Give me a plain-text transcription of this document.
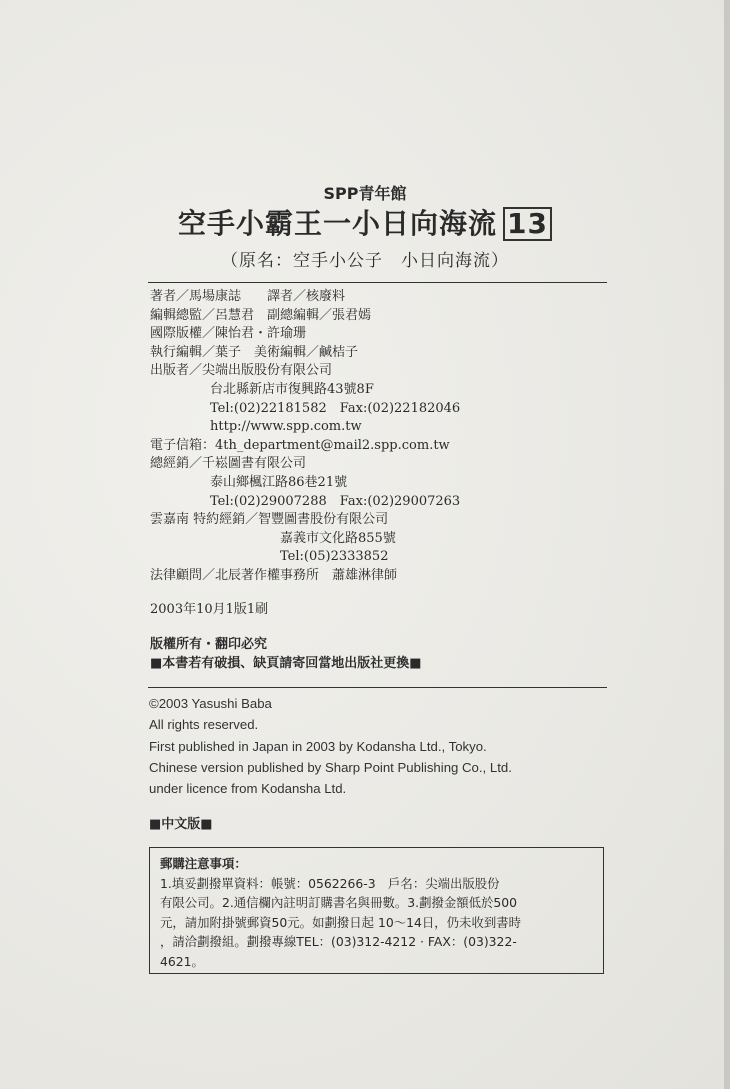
SPP青年館
空手小霸王一小日向海流 13
（原名：空手小公子　小日向海流）
著者／馬場康誌　　譯者／核廢料
編輯總監／呂慧君　副總編輯／張君嫣
國際版權／陳怡君・許瑜珊
執行編輯／葉子　美術編輯／鹹桔子
出版者／尖端出版股份有限公司
台北縣新店市復興路43號8F
Tel:(02)22181582　Fax:(02)22182046
http://www.spp.com.tw
電子信箱：4th_department@mail2.spp.com.tw
總經銷／千崧圖書有限公司
泰山鄉楓江路86巷21號
Tel:(02)29007288　Fax:(02)29007263
雲嘉南 特約經銷／智豐圖書股份有限公司
嘉義市文化路855號
Tel:(05)2333852
法律顧問／北辰著作權事務所　蕭雄淋律師
2003年10月1版1刷
版權所有・翻印必究
■本書若有破損、缺頁請寄回當地出版社更換■
©2003 Yasushi Baba
All rights reserved.
First published in Japan in 2003 by Kodansha Ltd., Tokyo.
Chinese version published by Sharp Point Publishing Co., Ltd.
under licence from Kodansha Ltd.
■中文版■
郵購注意事項：
1.填妥劃撥單資料：帳號：0562266-3　戶名：尖端出版股份
有限公司。2.通信欄內註明訂購書名與冊數。3.劃撥金額低於500
元，請加附掛號郵資50元。如劃撥日起 10～14日，仍未收到書時
，請洽劃撥組。劃撥專線TEL：(03)312-4212 · FAX：(03)322-
4621。
